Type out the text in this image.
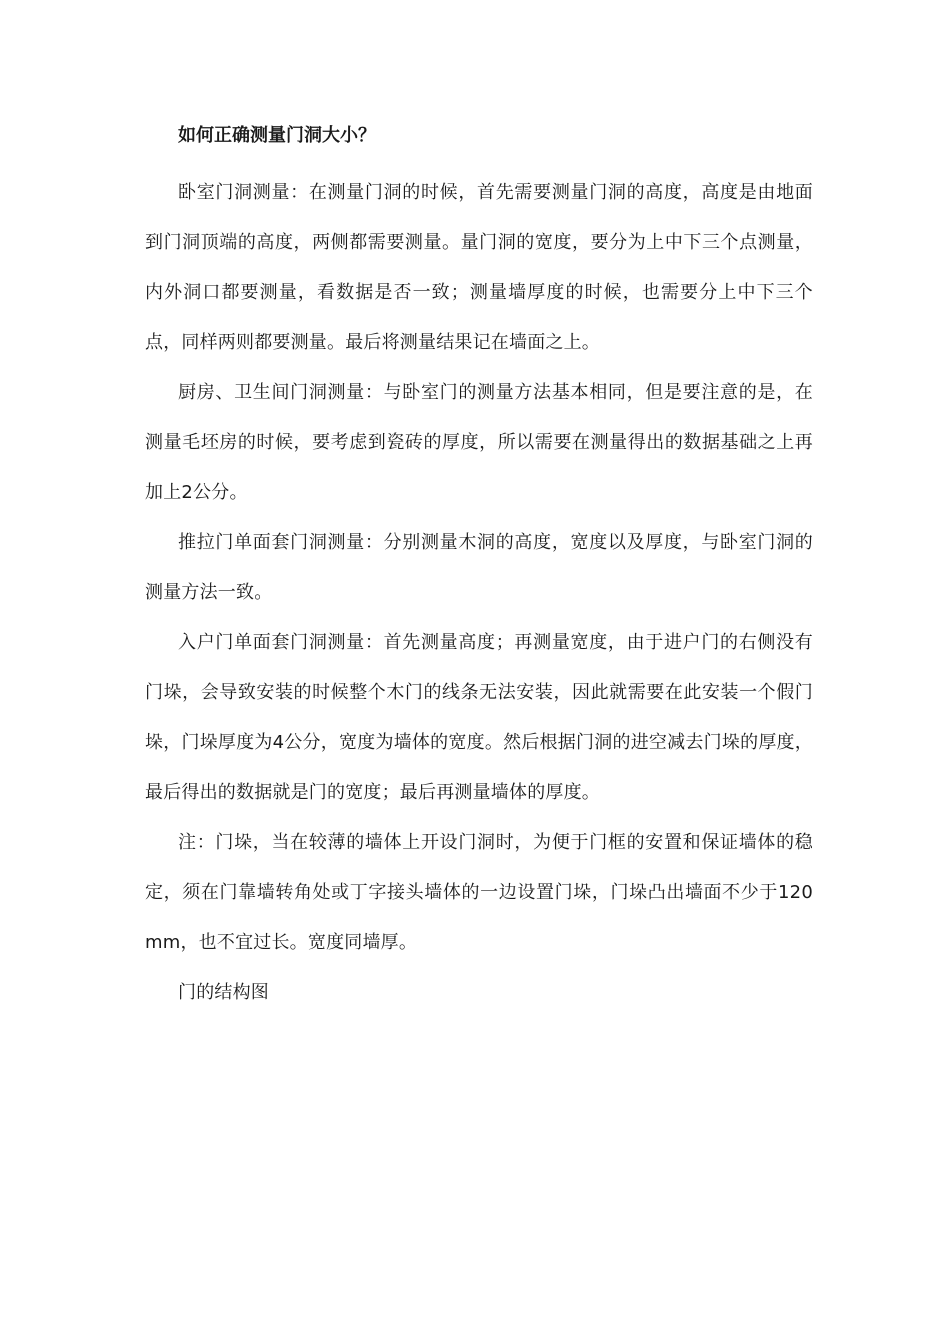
如何正确测量门洞大小？

卧室门洞测量：在测量门洞的时候，首先需要测量门洞的高度，高度是由地面到门洞顶端的高度，两侧都需要测量。量门洞的宽度，要分为上中下三个点测量，内外洞口都要测量，看数据是否一致；测量墙厚度的时候，也需要分上中下三个点，同样两则都要测量。最后将测量结果记在墙面之上。

厨房、卫生间门洞测量：与卧室门的测量方法基本相同，但是要注意的是，在测量毛坯房的时候，要考虑到瓷砖的厚度，所以需要在测量得出的数据基础之上再加上2公分。

推拉门单面套门洞测量：分别测量木洞的高度，宽度以及厚度，与卧室门洞的测量方法一致。

入户门单面套门洞测量：首先测量高度；再测量宽度，由于进户门的右侧没有门垛，会导致安装的时候整个木门的线条无法安装，因此就需要在此安装一个假门垛，门垛厚度为4公分，宽度为墙体的宽度。然后根据门洞的进空减去门垛的厚度，最后得出的数据就是门的宽度；最后再测量墙体的厚度。

注：门垛，当在较薄的墙体上开设门洞时，为便于门框的安置和保证墙体的稳定，须在门靠墙转角处或丁字接头墙体的一边设置门垛，门垛凸出墙面不少于120mm，也不宜过长。宽度同墙厚。

门的结构图
